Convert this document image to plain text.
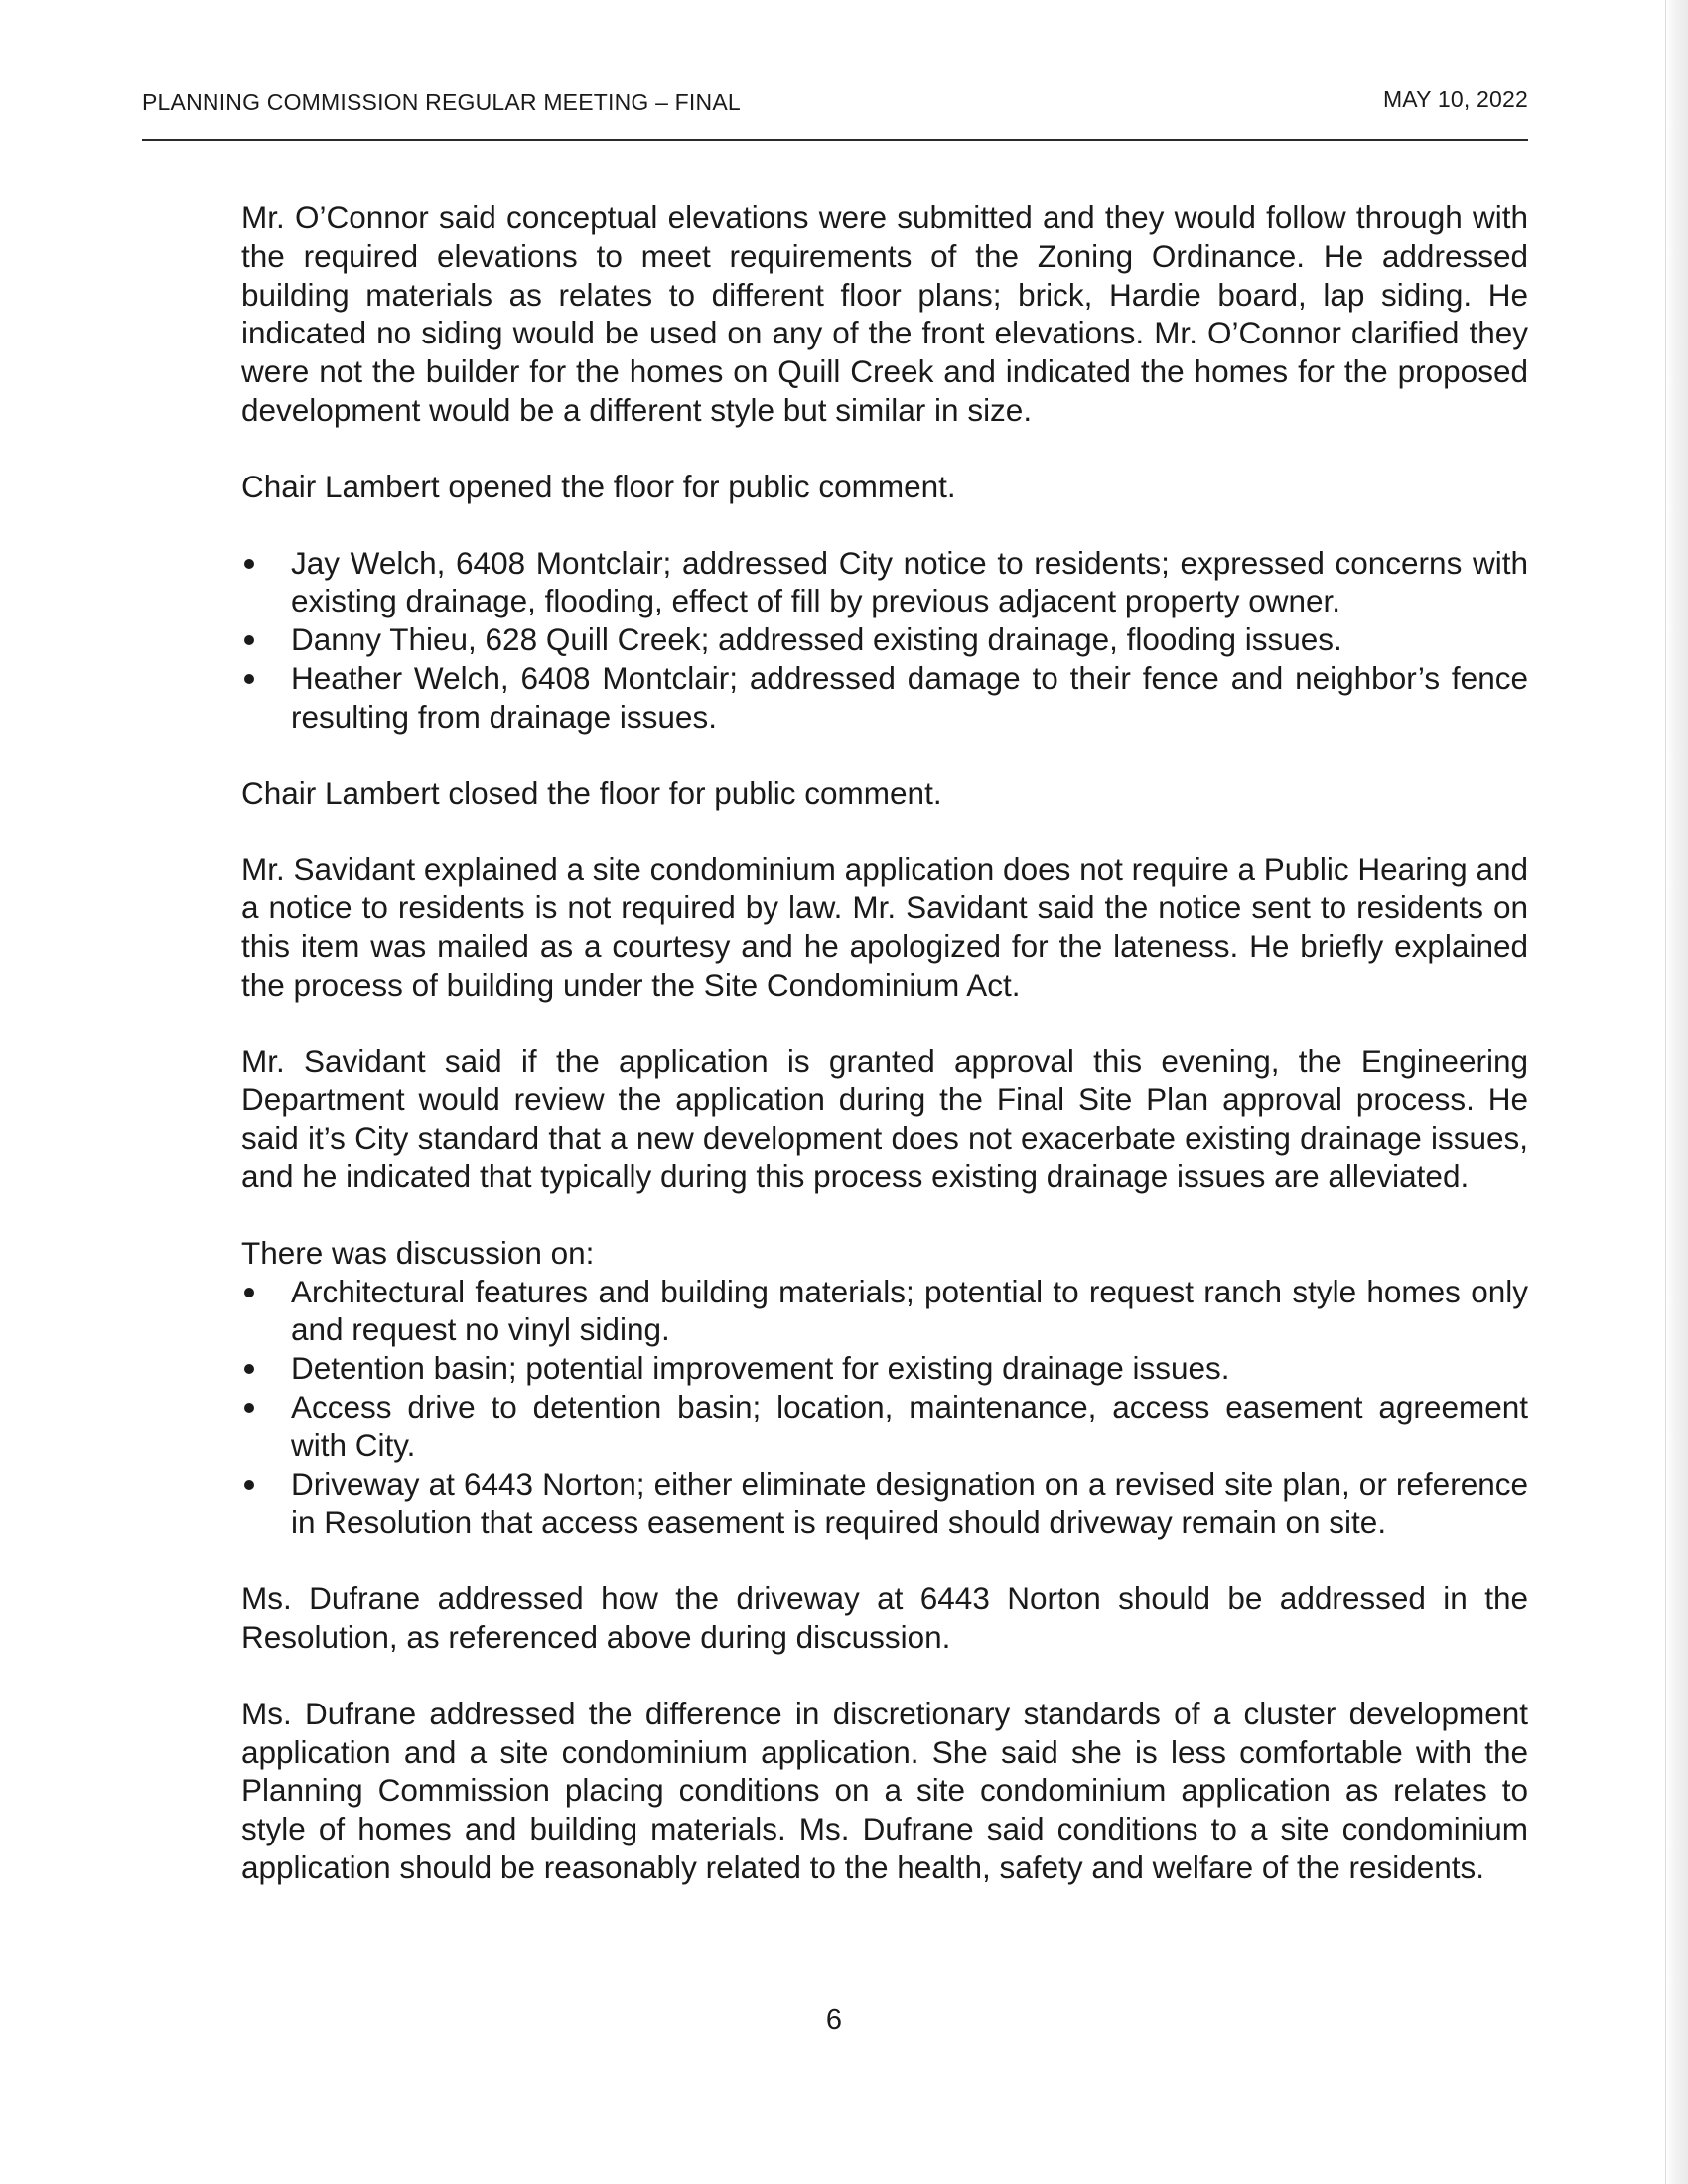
PLANNING COMMISSION REGULAR MEETING – FINAL	MAY 10, 2022

Mr. O’Connor said conceptual elevations were submitted and they would follow through with the required elevations to meet requirements of the Zoning Ordinance. He addressed building materials as relates to different floor plans; brick, Hardie board, lap siding. He indicated no siding would be used on any of the front elevations. Mr. O’Connor clarified they were not the builder for the homes on Quill Creek and indicated the homes for the proposed development would be a different style but similar in size.

Chair Lambert opened the floor for public comment.

Jay Welch, 6408 Montclair; addressed City notice to residents; expressed concerns with existing drainage, flooding, effect of fill by previous adjacent property owner.
Danny Thieu, 628 Quill Creek; addressed existing drainage, flooding issues.
Heather Welch, 6408 Montclair; addressed damage to their fence and neighbor’s fence resulting from drainage issues.

Chair Lambert closed the floor for public comment.

Mr. Savidant explained a site condominium application does not require a Public Hearing and a notice to residents is not required by law. Mr. Savidant said the notice sent to residents on this item was mailed as a courtesy and he apologized for the lateness. He briefly explained the process of building under the Site Condominium Act.

Mr. Savidant said if the application is granted approval this evening, the Engineering Department would review the application during the Final Site Plan approval process. He said it’s City standard that a new development does not exacerbate existing drainage issues, and he indicated that typically during this process existing drainage issues are alleviated.

There was discussion on:

Architectural features and building materials; potential to request ranch style homes only and request no vinyl siding.
Detention basin; potential improvement for existing drainage issues.
Access drive to detention basin; location, maintenance, access easement agreement with City.
Driveway at 6443 Norton; either eliminate designation on a revised site plan, or reference in Resolution that access easement is required should driveway remain on site.

Ms. Dufrane addressed how the driveway at 6443 Norton should be addressed in the Resolution, as referenced above during discussion.

Ms. Dufrane addressed the difference in discretionary standards of a cluster development application and a site condominium application. She said she is less comfortable with the Planning Commission placing conditions on a site condominium application as relates to style of homes and building materials. Ms. Dufrane said conditions to a site condominium application should be reasonably related to the health, safety and welfare of the residents.

6
